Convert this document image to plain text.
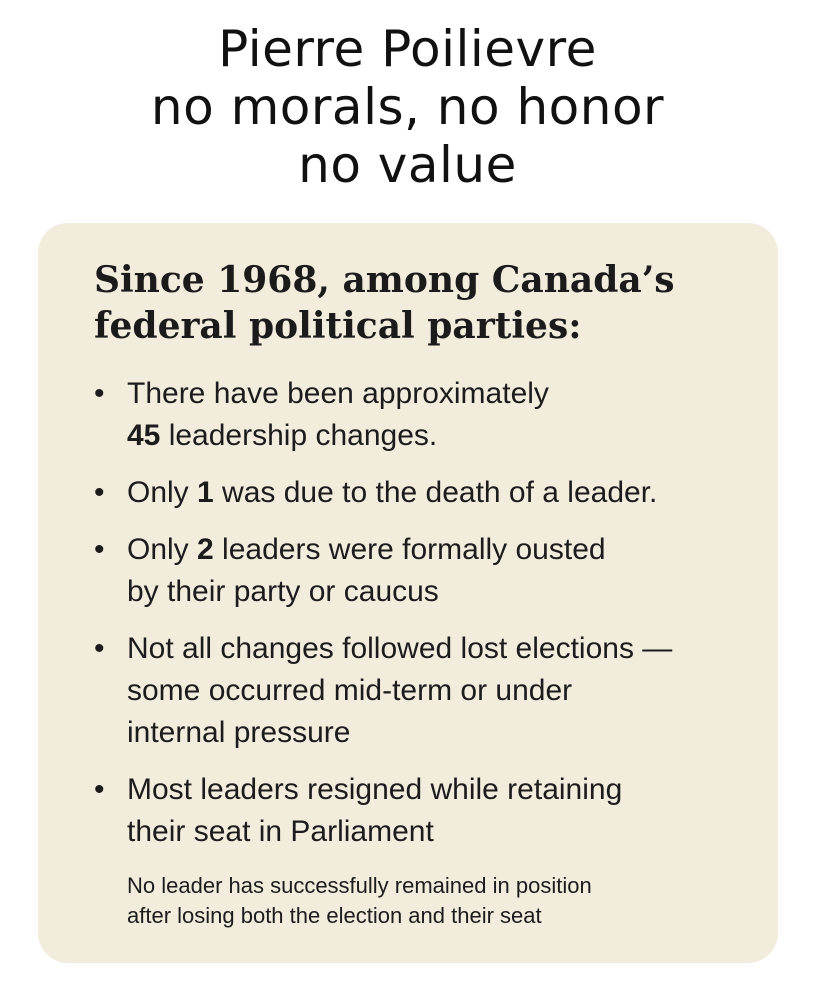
Pierre Poilievre
no morals, no honor
no value
Since 1968, among Canada’s
federal political parties:
• There have been approximately
45 leadership changes.
• Only 1 was due to the death of a leader.
• Only 2 leaders were formally ousted
by their party or caucus
• Not all changes followed lost elections —
some occurred mid-term or under
internal pressure
• Most leaders resigned while retaining
their seat in Parliament
No leader has successfully remained in position
after losing both the election and their seat
